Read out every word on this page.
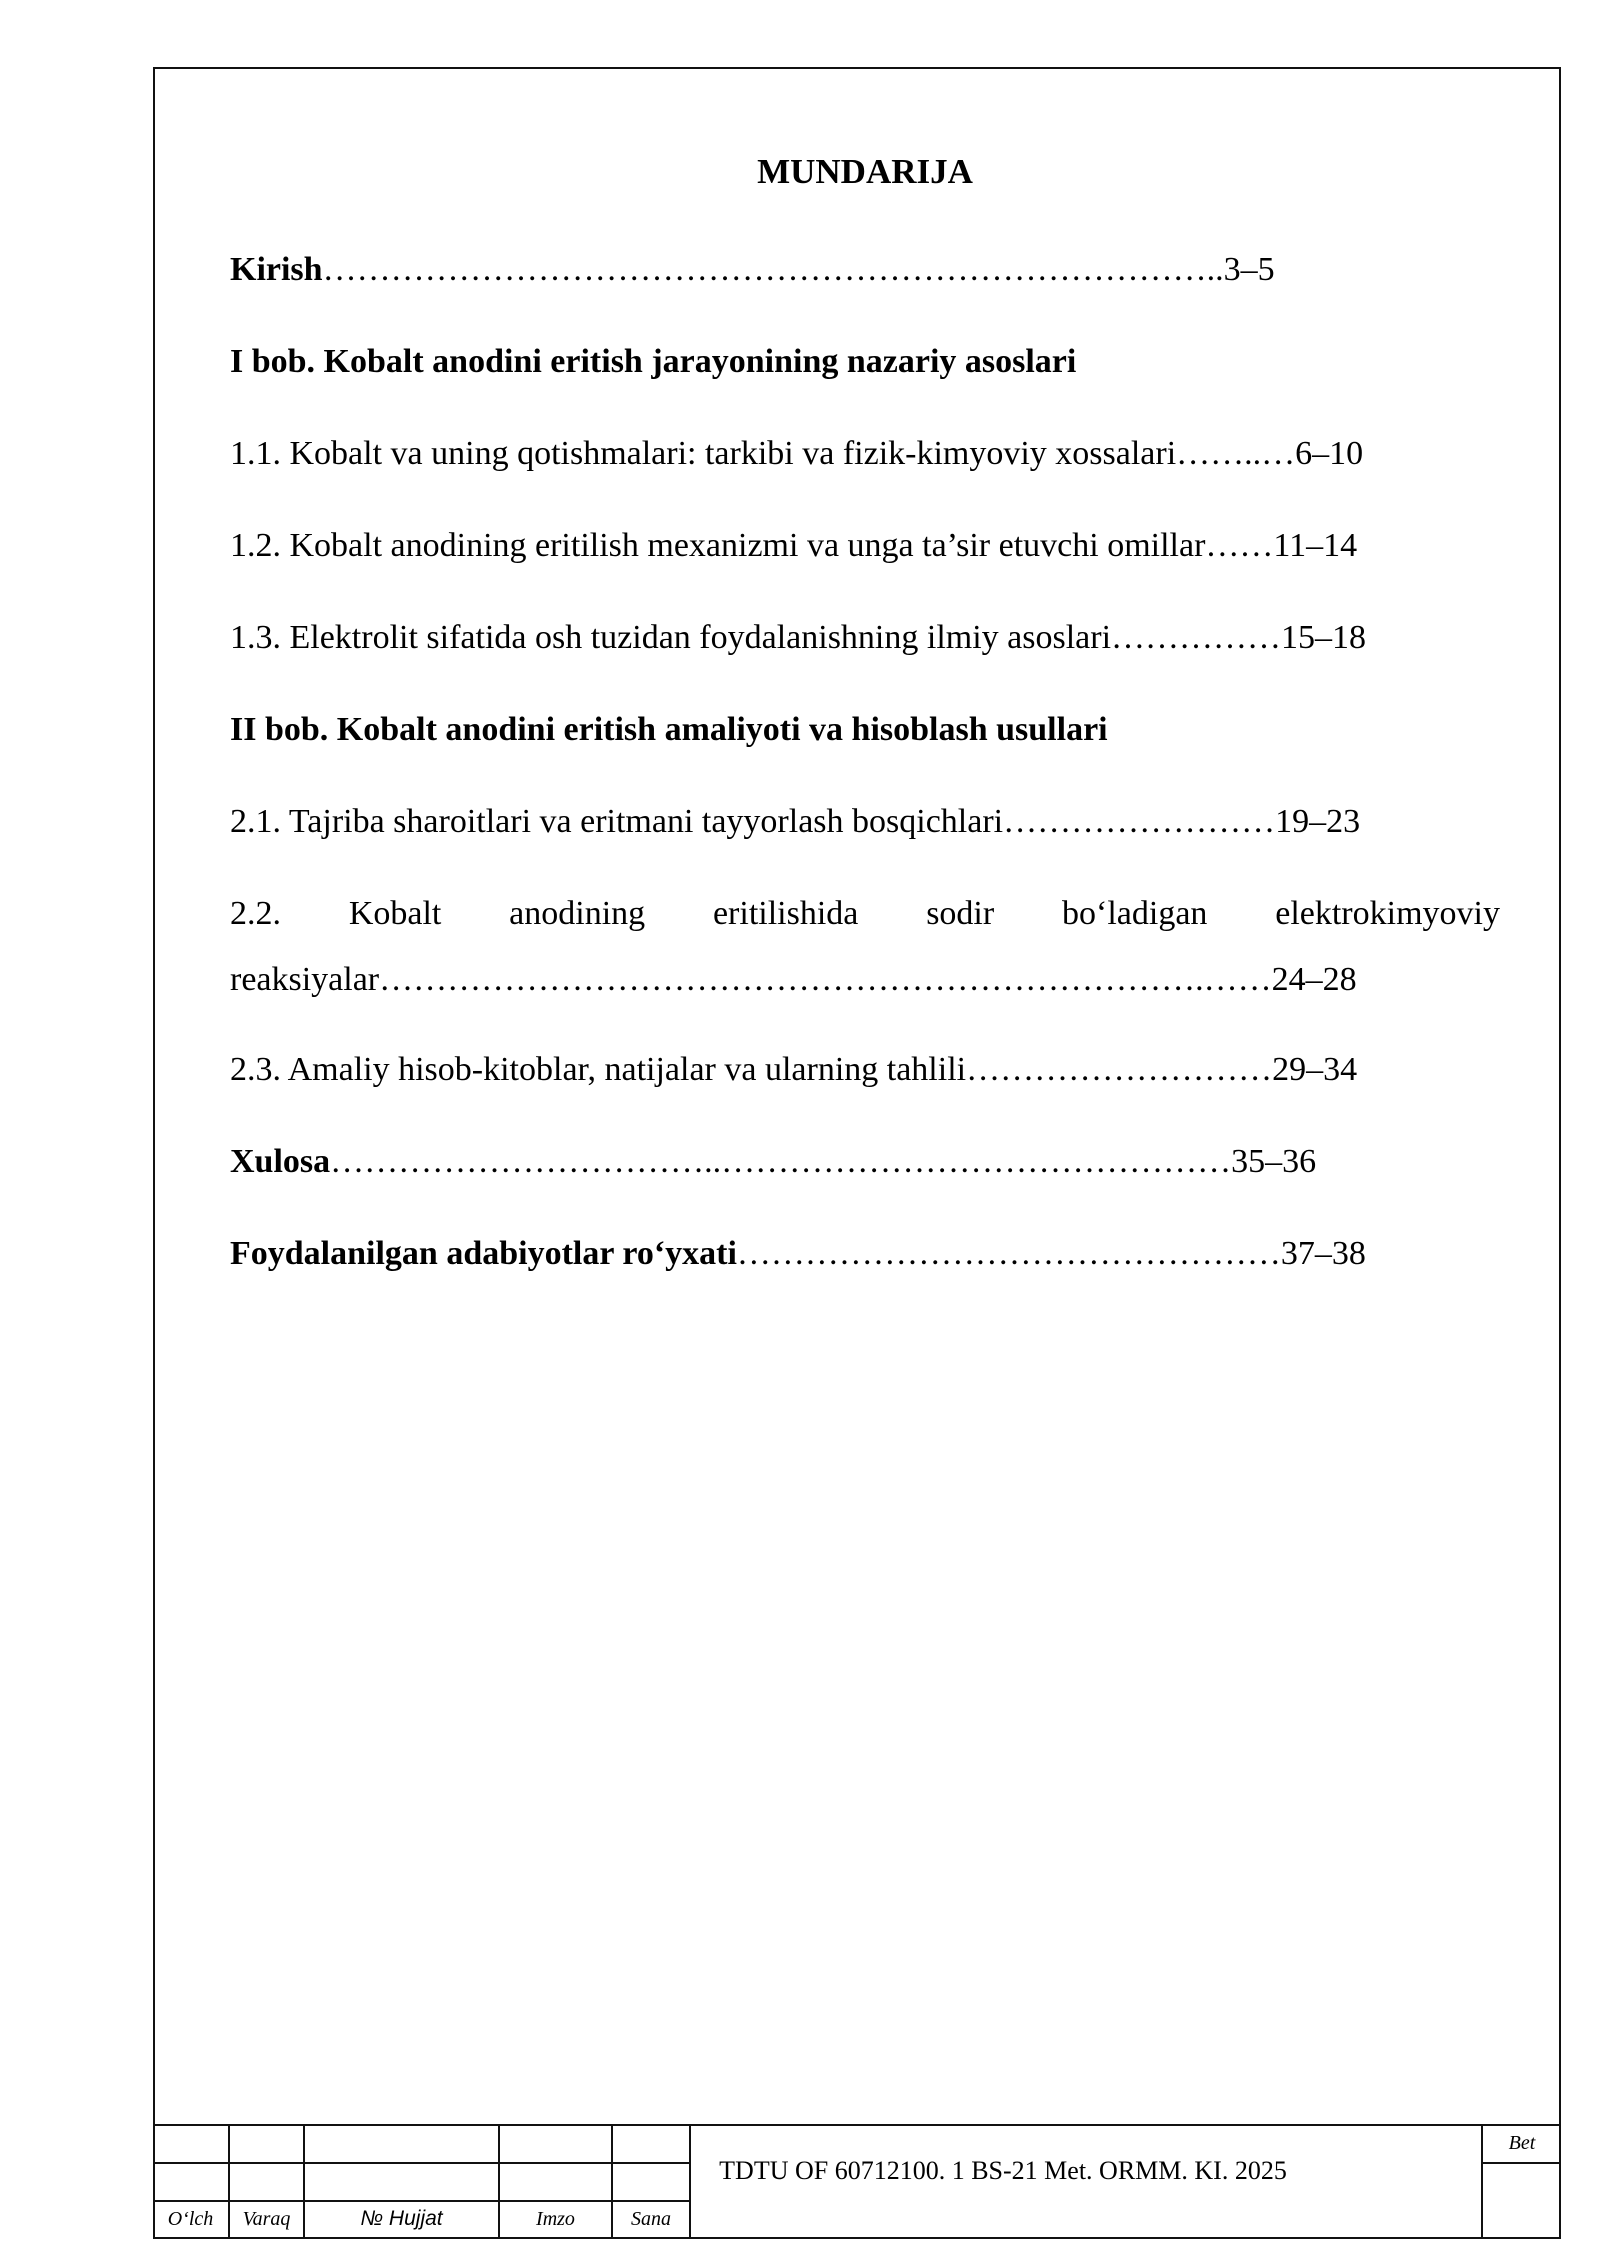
MUNDARIJA
Kirish……………………………………………………………………..3–5
I bob. Kobalt anodini eritish jarayonining nazariy asoslari
1.1. Kobalt va uning qotishmalari: tarkibi va fizik-kimyoviy xossalari……..…6–10
1.2. Kobalt anodining eritilish mexanizmi va unga ta’sir etuvchi omillar……11–14
1.3. Elektrolit sifatida osh tuzidan foydalanishning ilmiy asoslari……………15–18
II bob. Kobalt anodini eritish amaliyoti va hisoblash usullari
2.1. Tajriba sharoitlari va eritmani tayyorlash bosqichlari……………………19–23
2.2. Kobalt anodining eritilishida sodir bo‘ladigan elektrokimyoviy
reaksiyalar……………………………………………………………….……24–28
2.3. Amaliy hisob-kitoblar, natijalar va ularning tahlili………………………29–34
Xulosa……………………………..………………………………………35–36
Foydalanilgan adabiyotlar ro‘yxati…………………………………………37–38
O‘lch	Varaq	№ Hujjat	Imzo	Sana
TDTU OF 60712100. 1 BS-21 Met. ORMM. KI. 2025
Bet
